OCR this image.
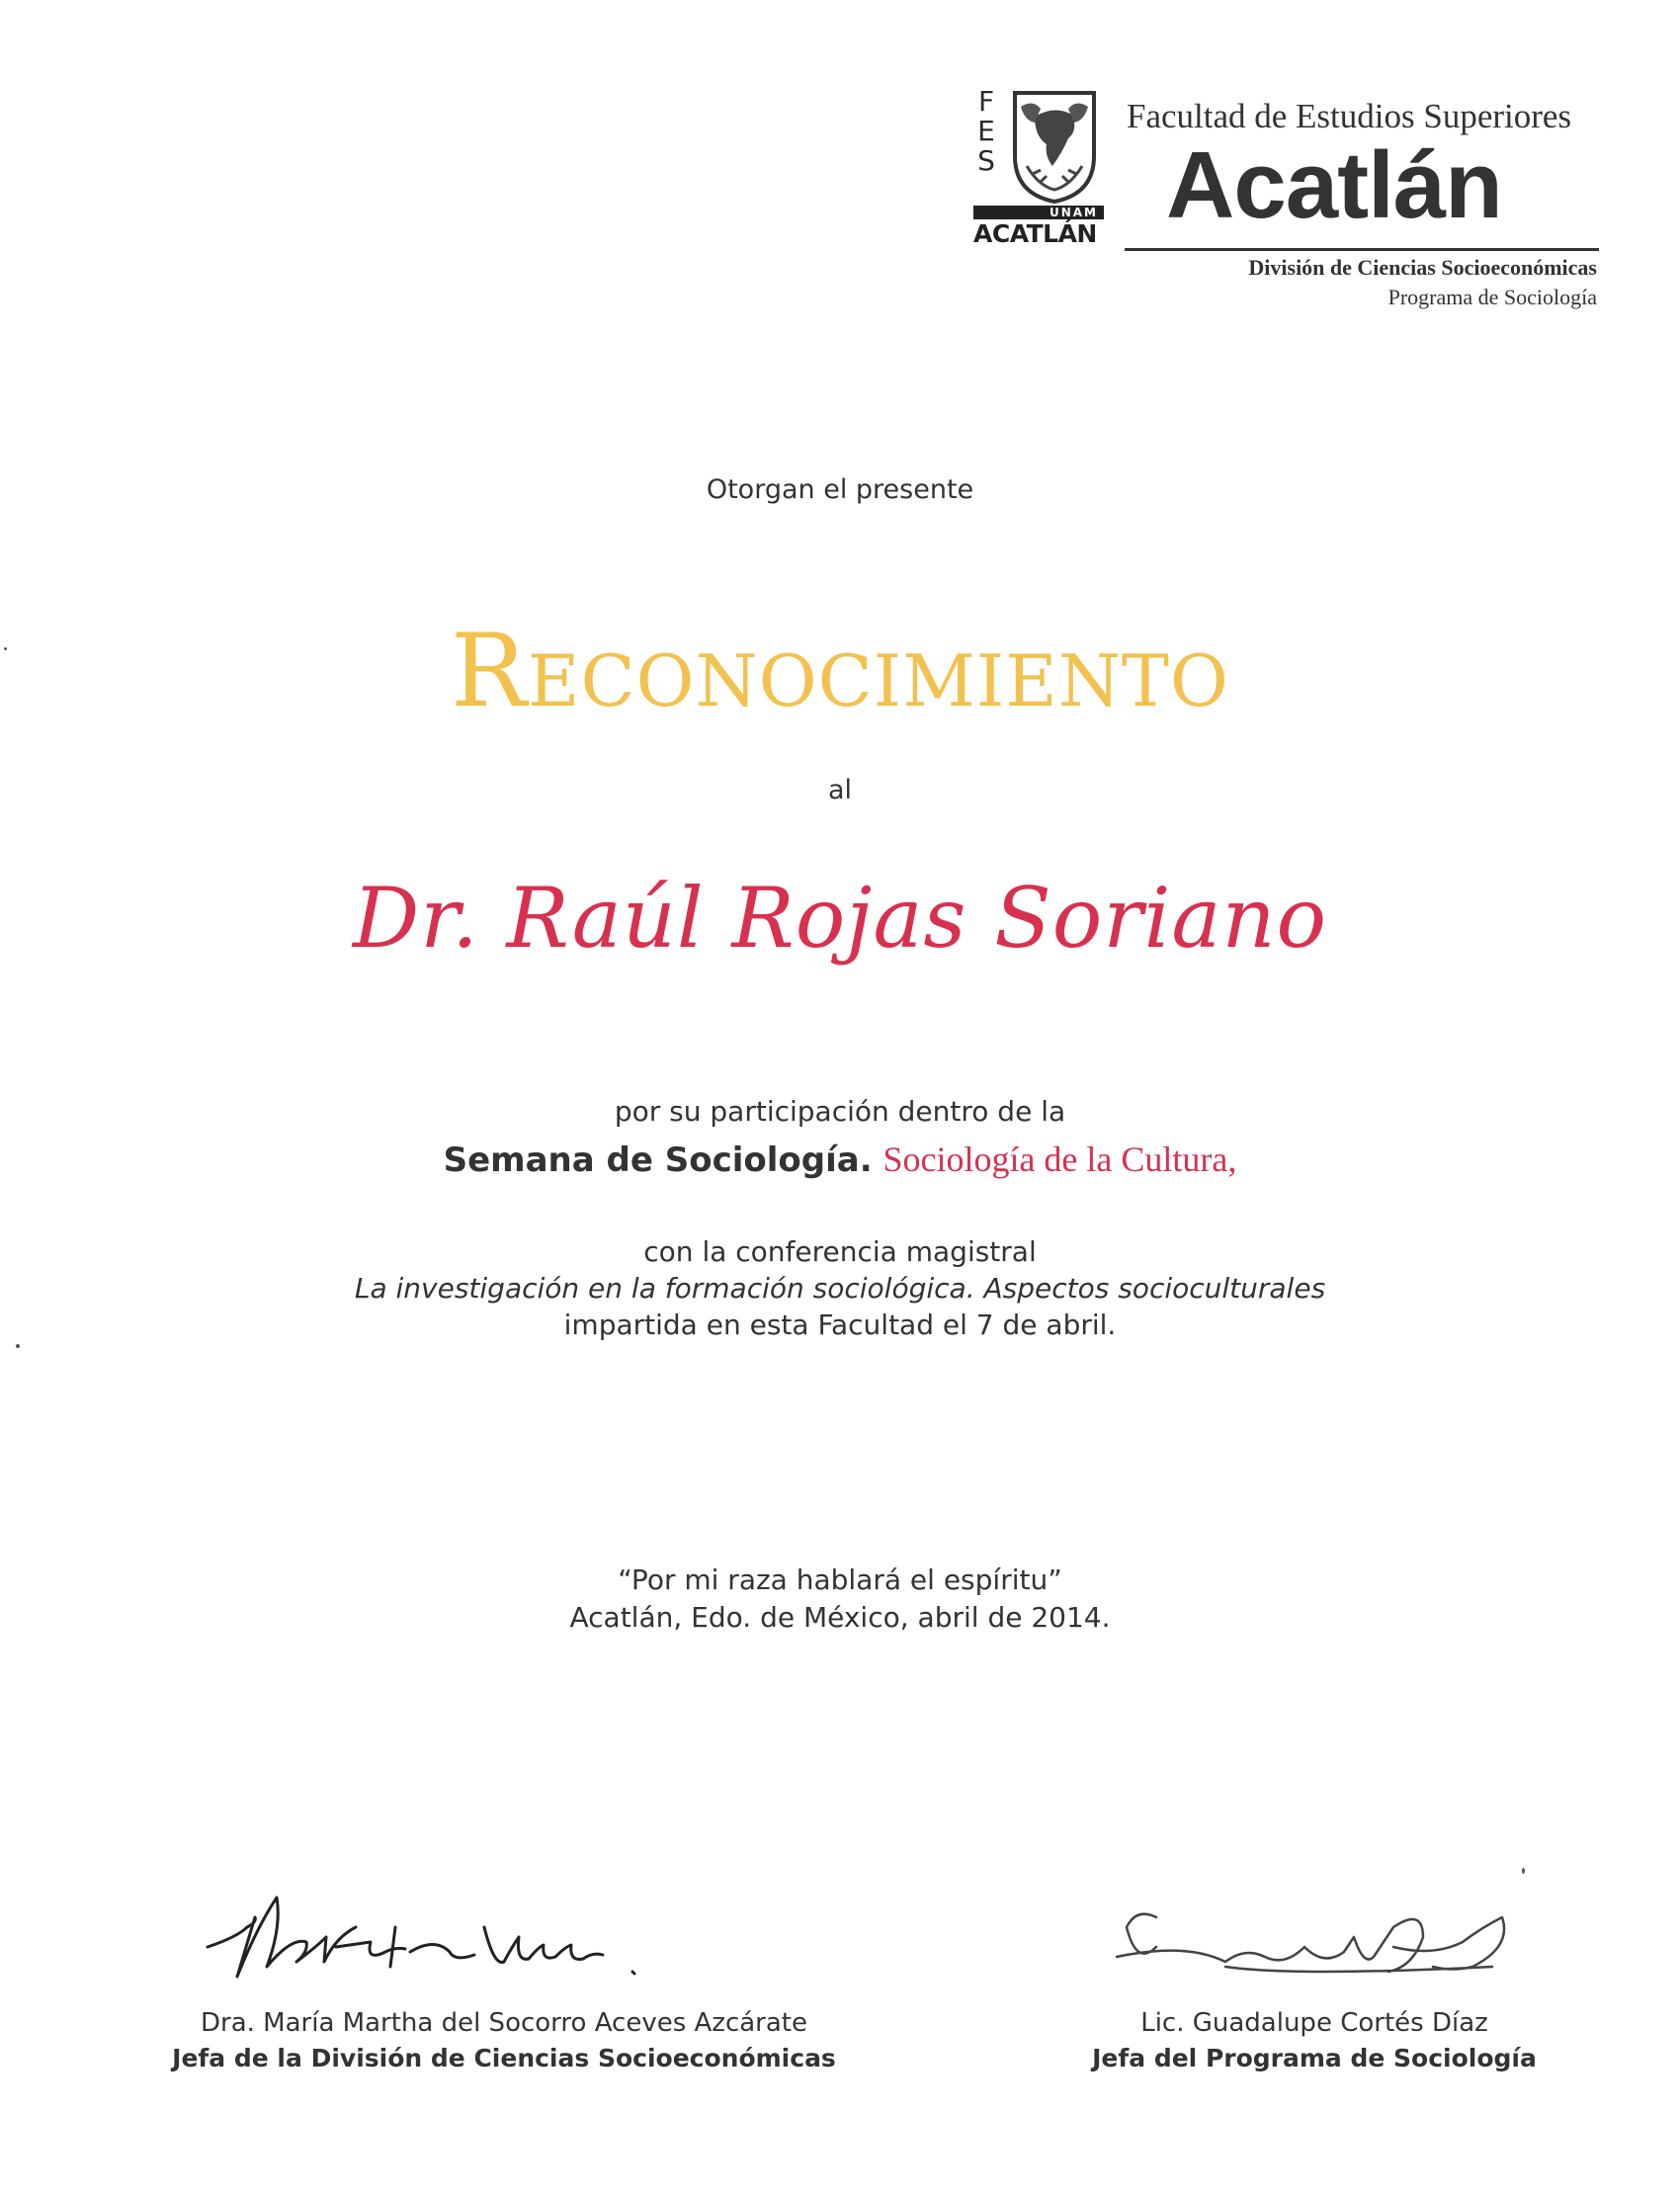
F
E
S
UNAM
ACATLÁN
Facultad de Estudios Superiores
Acatlán
División de Ciencias Socioeconómicas
Programa de Sociología
Otorgan el presente
RECONOCIMIENTO
al
Dr. Raúl Rojas Soriano
por su participación dentro de la
Semana de Sociología. Sociología de la Cultura,
con la conferencia magistral
La investigación en la formación sociológica. Aspectos socioculturales
impartida en esta Facultad el 7 de abril.
“Por mi raza hablará el espíritu”
Acatlán, Edo. de México, abril de 2014.
Dra. María Martha del Socorro Aceves Azcárate
Jefa de la División de Ciencias Socioeconómicas
Lic. Guadalupe Cortés Díaz
Jefa del Programa de Sociología
